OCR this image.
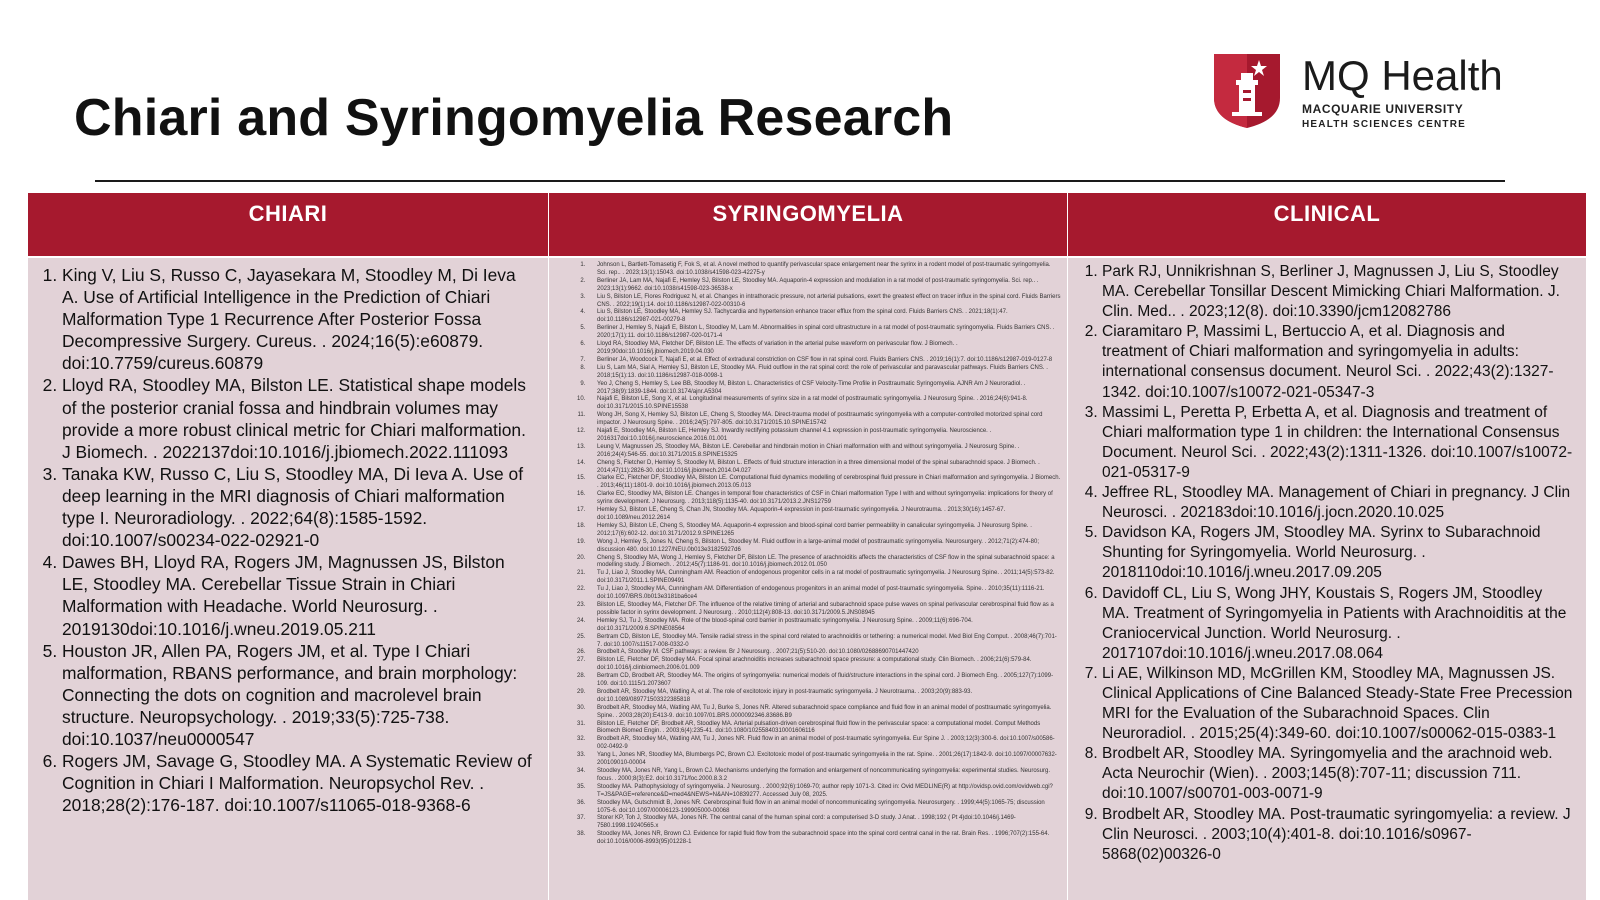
Chiari and Syringomyelia Research
MQ Health
MACQUARIE UNIVERSITY
HEALTH SCIENCES CENTRE
CHIARI	SYRINGOMYELIA	CLINICAL
1. King V, Liu S, Russo C, Jayasekara M, Stoodley M, Di Ieva A. Use of Artificial Intelligence in the Prediction of Chiari Malformation Type 1 Recurrence After Posterior Fossa Decompressive Surgery. Cureus. . 2024;16(5):e60879. doi:10.7759/cureus.60879
2. Lloyd RA, Stoodley MA, Bilston LE. Statistical shape models of the posterior cranial fossa and hindbrain volumes may provide a more robust clinical metric for Chiari malformation. J Biomech. . 2022137doi:10.1016/j.jbiomech.2022.111093
3. Tanaka KW, Russo C, Liu S, Stoodley MA, Di Ieva A. Use of deep learning in the MRI diagnosis of Chiari malformation type I. Neuroradiology. . 2022;64(8):1585-1592. doi:10.1007/s00234-022-02921-0
4. Dawes BH, Lloyd RA, Rogers JM, Magnussen JS, Bilston LE, Stoodley MA. Cerebellar Tissue Strain in Chiari Malformation with Headache. World Neurosurg. . 2019130doi:10.1016/j.wneu.2019.05.211
5. Houston JR, Allen PA, Rogers JM, et al. Type I Chiari malformation, RBANS performance, and brain morphology: Connecting the dots on cognition and macrolevel brain structure. Neuropsychology. . 2019;33(5):725-738. doi:10.1037/neu0000547
6. Rogers JM, Savage G, Stoodley MA. A Systematic Review of Cognition in Chiari I Malformation. Neuropsychol Rev. . 2018;28(2):176-187. doi:10.1007/s11065-018-9368-6
1. Johnson L, Bartlett-Tomasetig F, Fok S, et al. A novel method to quantify perivascular space enlargement near the syrinx in a rodent model of post-traumatic syringomyelia. Sci. rep.. . 2023;13(1):15043. doi:10.1038/s41598-023-42275-y
2. Berliner JA, Lam MA, Najafi E, Hemley SJ, Bilston LE, Stoodley MA. Aquaporin-4 expression and modulation in a rat model of post-traumatic syringomyelia. Sci. rep.. . 2023;13(1):9662. doi:10.1038/s41598-023-36538-x
3. Liu S, Bilston LE, Flores Rodriguez N, et al. Changes in intrathoracic pressure, not arterial pulsations, exert the greatest effect on tracer influx in the spinal cord. Fluids Barriers CNS. . 2022;19(1):14. doi:10.1186/s12987-022-00310-6
4. Liu S, Bilston LE, Stoodley MA, Hemley SJ. Tachycardia and hypertension enhance tracer efflux from the spinal cord. Fluids Barriers CNS. . 2021;18(1):47. doi:10.1186/s12987-021-00279-8
5. Berliner J, Hemley S, Najafi E, Bilston L, Stoodley M, Lam M. Abnormalities in spinal cord ultrastructure in a rat model of post-traumatic syringomyelia. Fluids Barriers CNS. . 2020;17(1):11. doi:10.1186/s12987-020-0171-4
6. Lloyd RA, Stoodley MA, Fletcher DF, Bilston LE. The effects of variation in the arterial pulse waveform on perivascular flow. J Biomech. . 2019;90doi:10.1016/j.jbiomech.2019.04.030
7. Berliner JA, Woodcock T, Najafi E, et al. Effect of extradural constriction on CSF flow in rat spinal cord. Fluids Barriers CNS. . 2019;16(1):7. doi:10.1186/s12987-019-0127-8
8. Liu S, Lam MA, Sial A, Hemley SJ, Bilston LE, Stoodley MA. Fluid outflow in the rat spinal cord: the role of perivascular and paravascular pathways. Fluids Barriers CNS. . 2018;15(1):13. doi:10.1186/s12987-018-0098-1
9. Yeo J, Cheng S, Hemley S, Lee BB, Stoodley M, Bilston L. Characteristics of CSF Velocity-Time Profile in Posttraumatic Syringomyelia. AJNR Am J Neuroradiol. . 2017;38(9):1839-1844. doi:10.3174/ajnr.A5304
10. Najafi E, Bilston LE, Song X, et al. Longitudinal measurements of syrinx size in a rat model of posttraumatic syringomyelia. J Neurosurg Spine. . 2016;24(6):941-8. doi:10.3171/2015.10.SPINE15538
11. Wong JH, Song X, Hemley SJ, Bilston LE, Cheng S, Stoodley MA. Direct-trauma model of posttraumatic syringomyelia with a computer-controlled motorized spinal cord impactor. J Neurosurg Spine. . 2016;24(5):797-805. doi:10.3171/2015.10.SPINE15742
12. Najafi E, Stoodley MA, Bilston LE, Hemley SJ. Inwardly rectifying potassium channel 4.1 expression in post-traumatic syringomyelia. Neuroscience. . 2016317doi:10.1016/j.neuroscience.2016.01.001
13. Leung V, Magnussen JS, Stoodley MA, Bilston LE. Cerebellar and hindbrain motion in Chiari malformation with and without syringomyelia. J Neurosurg Spine. . 2016;24(4):546-55. doi:10.3171/2015.8.SPINE15325
14. Cheng S, Fletcher D, Hemley S, Stoodley M, Bilston L. Effects of fluid structure interaction in a three dimensional model of the spinal subarachnoid space. J Biomech. . 2014;47(11):2826-30. doi:10.1016/j.jbiomech.2014.04.027
15. Clarke EC, Fletcher DF, Stoodley MA, Bilston LE. Computational fluid dynamics modelling of cerebrospinal fluid pressure in Chiari malformation and syringomyelia. J Biomech. . 2013;46(11):1801-9. doi:10.1016/j.jbiomech.2013.05.013
16. Clarke EC, Stoodley MA, Bilston LE. Changes in temporal flow characteristics of CSF in Chiari malformation Type I with and without syringomyelia: implications for theory of syrinx development. J Neurosurg. . 2013;118(5):1135-40. doi:10.3171/2013.2.JNS12759
17. Hemley SJ, Bilston LE, Cheng S, Chan JN, Stoodley MA. Aquaporin-4 expression in post-traumatic syringomyelia. J Neurotrauma. . 2013;30(16):1457-67. doi:10.1089/neu.2012.2614
18. Hemley SJ, Bilston LE, Cheng S, Stoodley MA. Aquaporin-4 expression and blood-spinal cord barrier permeability in canalicular syringomyelia. J Neurosurg Spine. . 2012;17(6):602-12. doi:10.3171/2012.9.SPINE1265
19. Wong J, Hemley S, Jones N, Cheng S, Bilston L, Stoodley M. Fluid outflow in a large-animal model of posttraumatic syringomyelia. Neurosurgery. . 2012;71(2):474-80; discussion 480. doi:10.1227/NEU.0b013e31825927d6
20. Cheng S, Stoodley MA, Wong J, Hemley S, Fletcher DF, Bilston LE. The presence of arachnoiditis affects the characteristics of CSF flow in the spinal subarachnoid space: a modelling study. J Biomech. . 2012;45(7):1186-91. doi:10.1016/j.jbiomech.2012.01.050
21. Tu J, Liao J, Stoodley MA, Cunningham AM. Reaction of endogenous progenitor cells in a rat model of posttraumatic syringomyelia. J Neurosurg Spine. . 2011;14(5):573-82. doi:10.3171/2011.1.SPINE09491
22. Tu J, Liao J, Stoodley MA, Cunningham AM. Differentiation of endogenous progenitors in an animal model of post-traumatic syringomyelia. Spine. . 2010;35(11):1116-21. doi:10.1097/BRS.0b013e3181ba6ce4
23. Bilston LE, Stoodley MA, Fletcher DF. The influence of the relative timing of arterial and subarachnoid space pulse waves on spinal perivascular cerebrospinal fluid flow as a possible factor in syrinx development. J Neurosurg. . 2010;112(4):808-13. doi:10.3171/2009.5.JNS08945
24. Hemley SJ, Tu J, Stoodley MA. Role of the blood-spinal cord barrier in posttraumatic syringomyelia. J Neurosurg Spine. . 2009;11(6):696-704. doi:10.3171/2009.6.SPINE08564
25. Bertram CD, Bilston LE, Stoodley MA. Tensile radial stress in the spinal cord related to arachnoiditis or tethering: a numerical model. Med Biol Eng Comput. . 2008;46(7):701-7. doi:10.1007/s11517-008-0332-0
26. Brodbelt A, Stoodley M. CSF pathways: a review. Br J Neurosurg. . 2007;21(5):510-20. doi:10.1080/02688690701447420
27. Bilston LE, Fletcher DF, Stoodley MA. Focal spinal arachnoiditis increases subarachnoid space pressure: a computational study. Clin Biomech. . 2006;21(6):579-84. doi:10.1016/j.clinbiomech.2006.01.009
28. Bertram CD, Brodbelt AR, Stoodley MA. The origins of syringomyelia: numerical models of fluid/structure interactions in the spinal cord. J Biomech Eng. . 2005;127(7):1099-109. doi:10.1115/1.2073607
29. Brodbelt AR, Stoodley MA, Watling A, et al. The role of excitotoxic injury in post-traumatic syringomyelia. J Neurotrauma. . 2003;20(9):883-93. doi:10.1089/089771503322385818
30. Brodbelt AR, Stoodley MA, Watling AM, Tu J, Burke S, Jones NR. Altered subarachnoid space compliance and fluid flow in an animal model of posttraumatic syringomyelia. Spine. . 2003;28(20):E413-9. doi:10.1097/01.BRS.0000092346.83686.B9
31. Bilston LE, Fletcher DF, Brodbelt AR, Stoodley MA. Arterial pulsation-driven cerebrospinal fluid flow in the perivascular space: a computational model. Comput Methods Biomech Biomed Engin. . 2003;6(4):235-41. doi:10.1080/10255840310001606116
32. Brodbelt AR, Stoodley MA, Watling AM, Tu J, Jones NR. Fluid flow in an animal model of post-traumatic syringomyelia. Eur Spine J. . 2003;12(3):300-6. doi:10.1007/s00586-002-0492-9
33. Yang L, Jones NR, Stoodley MA, Blumbergs PC, Brown CJ. Excitotoxic model of post-traumatic syringomyelia in the rat. Spine. . 2001;26(17):1842-9. doi:10.1097/00007632-200109010-00004
34. Stoodley MA, Jones NR, Yang L, Brown CJ. Mechanisms underlying the formation and enlargement of noncommunicating syringomyelia: experimental studies. Neurosurg. focus. . 2000;8(3):E2. doi:10.3171/foc.2000.8.3.2
35. Stoodley MA. Pathophysiology of syringomyelia. J Neurosurg. . 2000;92(6):1069-70; author reply 1071-3. Cited in: Ovid MEDLINE(R) at http://ovidsp.ovid.com/ovidweb.cgi?T=JS&PAGE=reference&D=med4&NEWS=N&AN=10839277. Accessed July 08, 2025.
36. Stoodley MA, Gutschmidt B, Jones NR. Cerebrospinal fluid flow in an animal model of noncommunicating syringomyelia. Neurosurgery. . 1999;44(5):1065-75; discussion 1075-6. doi:10.1097/00006123-199905000-00068
37. Storer KP, Toh J, Stoodley MA, Jones NR. The central canal of the human spinal cord: a computerised 3-D study. J Anat. . 1998;192 ( Pt 4)doi:10.1046/j.1469-7580.1998.19240565.x
38. Stoodley MA, Jones NR, Brown CJ. Evidence for rapid fluid flow from the subarachnoid space into the spinal cord central canal in the rat. Brain Res. . 1996;707(2):155-64. doi:10.1016/0006-8993(95)01228-1
1. Park RJ, Unnikrishnan S, Berliner J, Magnussen J, Liu S, Stoodley MA. Cerebellar Tonsillar Descent Mimicking Chiari Malformation. J. Clin. Med.. . 2023;12(8). doi:10.3390/jcm12082786
2. Ciaramitaro P, Massimi L, Bertuccio A, et al. Diagnosis and treatment of Chiari malformation and syringomyelia in adults: international consensus document. Neurol Sci. . 2022;43(2):1327-1342. doi:10.1007/s10072-021-05347-3
3. Massimi L, Peretta P, Erbetta A, et al. Diagnosis and treatment of Chiari malformation type 1 in children: the International Consensus Document. Neurol Sci. . 2022;43(2):1311-1326. doi:10.1007/s10072-021-05317-9
4. Jeffree RL, Stoodley MA. Management of Chiari in pregnancy. J Clin Neurosci. . 202183doi:10.1016/j.jocn.2020.10.025
5. Davidson KA, Rogers JM, Stoodley MA. Syrinx to Subarachnoid Shunting for Syringomyelia. World Neurosurg. . 2018110doi:10.1016/j.wneu.2017.09.205
6. Davidoff CL, Liu S, Wong JHY, Koustais S, Rogers JM, Stoodley MA. Treatment of Syringomyelia in Patients with Arachnoiditis at the Craniocervical Junction. World Neurosurg. . 2017107doi:10.1016/j.wneu.2017.08.064
7. Li AE, Wilkinson MD, McGrillen KM, Stoodley MA, Magnussen JS. Clinical Applications of Cine Balanced Steady-State Free Precession MRI for the Evaluation of the Subarachnoid Spaces. Clin Neuroradiol. . 2015;25(4):349-60. doi:10.1007/s00062-015-0383-1
8. Brodbelt AR, Stoodley MA. Syringomyelia and the arachnoid web. Acta Neurochir (Wien). . 2003;145(8):707-11; discussion 711. doi:10.1007/s00701-003-0071-9
9. Brodbelt AR, Stoodley MA. Post-traumatic syringomyelia: a review. J Clin Neurosci. . 2003;10(4):401-8. doi:10.1016/s0967-5868(02)00326-0
